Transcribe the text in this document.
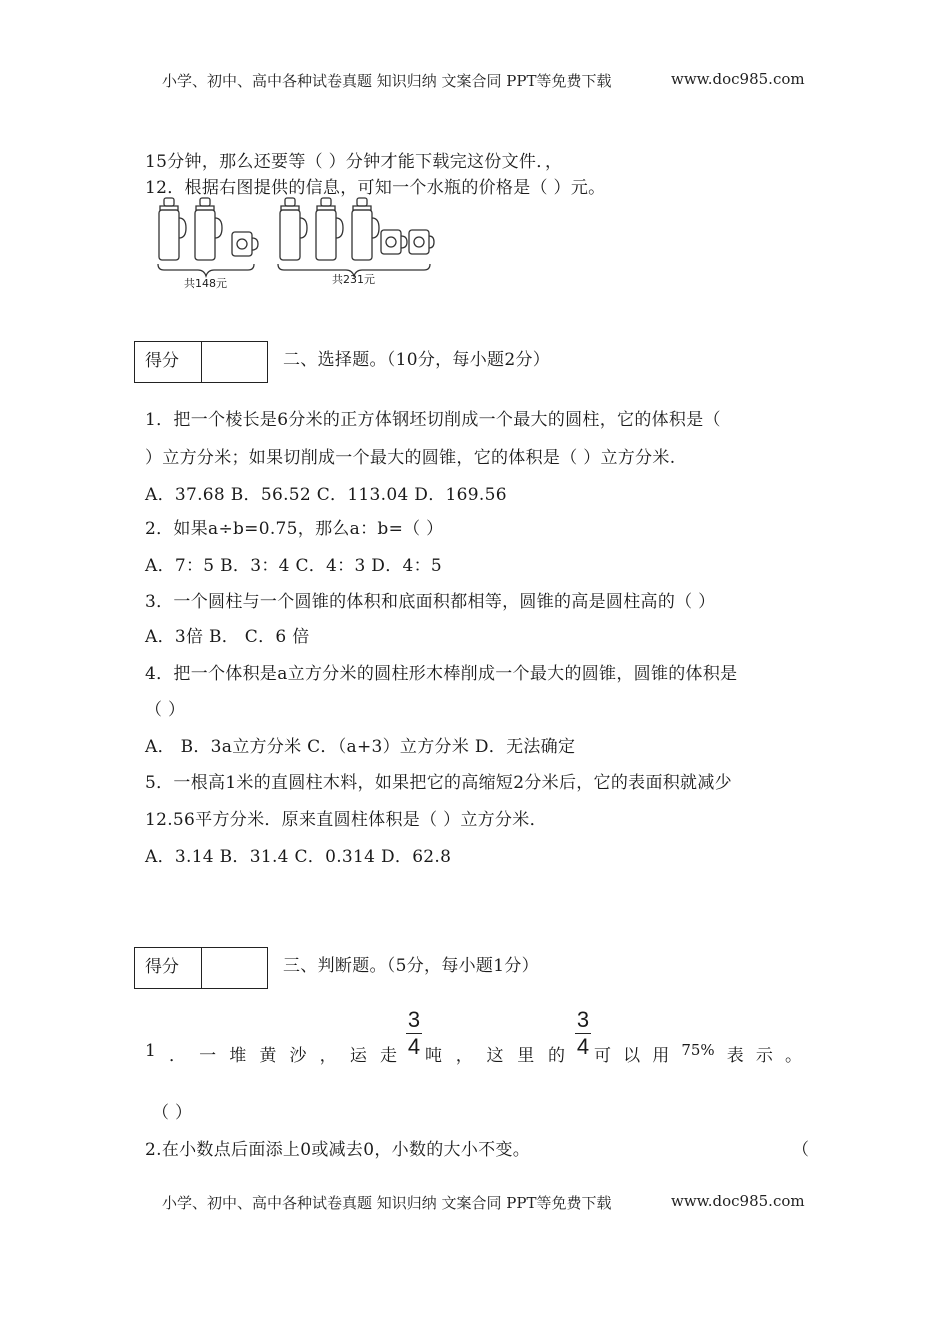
小学、初中、高中各种试卷真题 知识归纳 文案合同 PPT等免费下载	www.doc985.com
15分钟，那么还要等（ ）分钟才能下载完这份文件．，
12．根据右图提供的信息，可知一个水瓶的价格是（ ）元。
共148元	共231元
得分	二、选择题。（10分，每小题2分）
1．把一个棱长是6分米的正方体钢坯切削成一个最大的圆柱，它的体积是（
）立方分米；如果切削成一个最大的圆锥，它的体积是（ ）立方分米.
A．37.68 B．56.52 C．113.04 D．169.56
2．如果a÷b=0.75，那么a：b=（ ）
A．7：5 B．3：4 C．4：3 D．4：5
3．一个圆柱与一个圆锥的体积和底面积都相等，圆锥的高是圆柱高的（ ）
A．3倍 B． C．6 倍
4．把一个体积是a立方分米的圆柱形木棒削成一个最大的圆锥，圆锥的体积是
（ ）
A． B．3a立方分米 C．（a+3）立方分米 D．无法确定
5．一根高1米的直圆柱木料，如果把它的高缩短2分米后，它的表面积就减少
12.56平方分米．原来直圆柱体积是（ ）立方分米．
A．3.14 B．31.4 C．0.314 D．62.8
得分	三、判断题。（5分，每小题1分）
1 ． 一 堆 黄 沙 ， 运 走
3
4 吨 ， 这 里 的
3
4 可 以 用 75% 表 示 。
（ ）
2.在小数点后面添上0或减去0，小数的大小不变。	（
小学、初中、高中各种试卷真题 知识归纳 文案合同 PPT等免费下载	www.doc985.com
